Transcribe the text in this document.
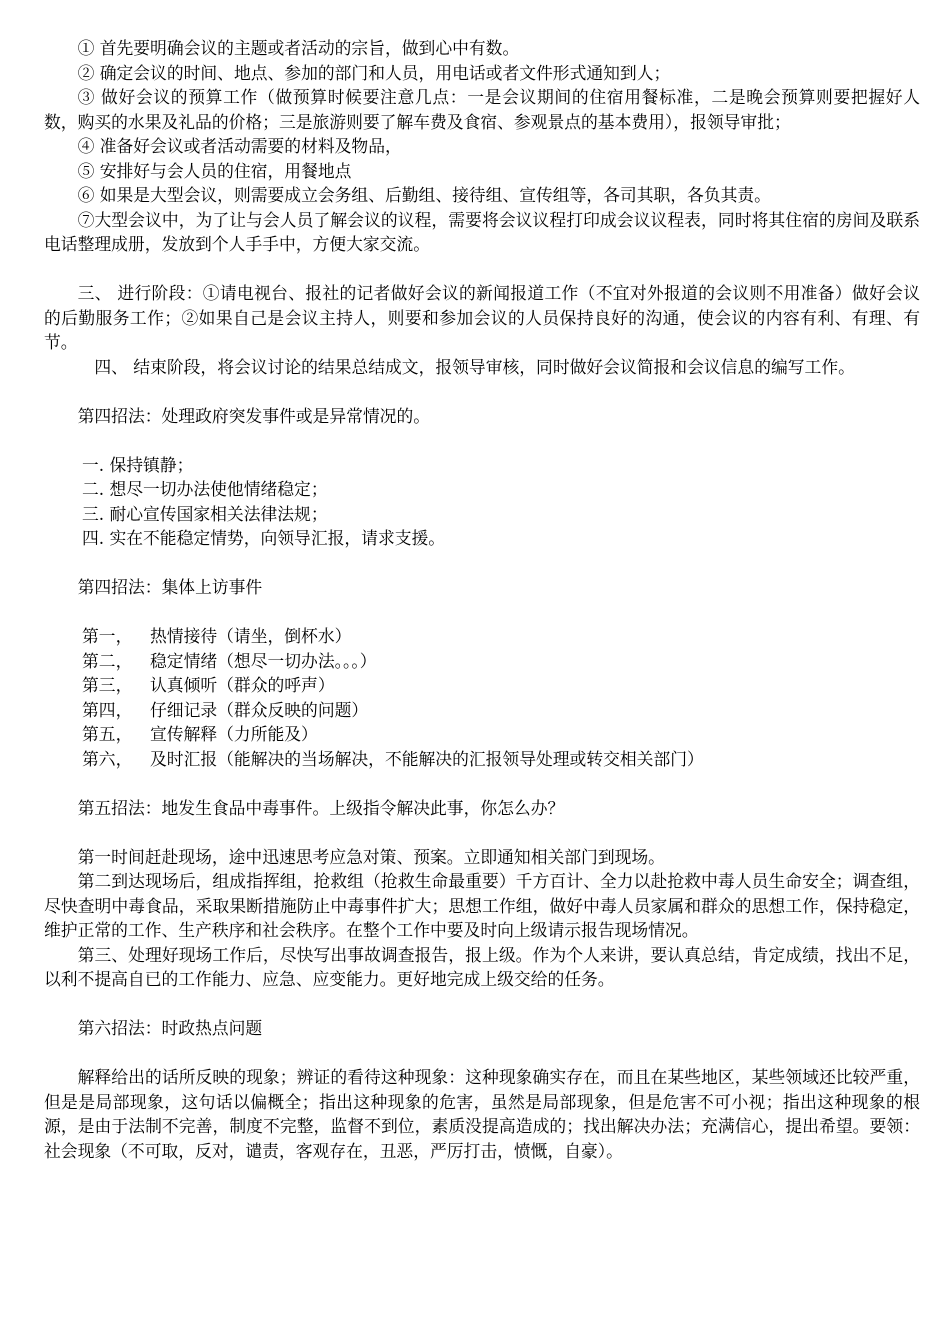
① 首先要明确会议的主题或者活动的宗旨，做到心中有数。

② 确定会议的时间、地点、参加的部门和人员，用电话或者文件形式通知到人；

③ 做好会议的预算工作（做预算时候要注意几点：一是会议期间的住宿用餐标准，二是晚会预算则要把握好人数，购买的水果及礼品的价格；三是旅游则要了解车费及食宿、参观景点的基本费用），报领导审批；

④ 准备好会议或者活动需要的材料及物品，

⑤ 安排好与会人员的住宿，用餐地点

⑥ 如果是大型会议，则需要成立会务组、后勤组、接待组、宣传组等，各司其职，各负其责。

⑦大型会议中，为了让与会人员了解会议的议程，需要将会议议程打印成会议议程表，同时将其住宿的房间及联系电话整理成册，发放到个人手手中，方便大家交流。

三、 进行阶段：①请电视台、报社的记者做好会议的新闻报道工作（不宜对外报道的会议则不用准备）做好会议的后勤服务工作；②如果自己是会议主持人，则要和参加会议的人员保持良好的沟通，使会议的内容有利、有理、有节。

四、 结束阶段，将会议讨论的结果总结成文，报领导审核，同时做好会议简报和会议信息的编写工作。

第四招法：处理政府突发事件或是异常情况的。

一. 保持镇静；
二. 想尽一切办法使他情绪稳定；
三. 耐心宣传国家相关法律法规；
四. 实在不能稳定情势，向领导汇报，请求支援。

第四招法：集体上访事件

第一，	热情接待（请坐，倒杯水）
第二，	稳定情绪（想尽一切办法。。。）
第三，	认真倾听（群众的呼声）
第四，	仔细记录（群众反映的问题）
第五，	宣传解释（力所能及）
第六，	及时汇报（能解决的当场解决，不能解决的汇报领导处理或转交相关部门）

第五招法：地发生食品中毒事件。上级指令解决此事，你怎么办？

第一时间赶赴现场，途中迅速思考应急对策、预案。立即通知相关部门到现场。

第二到达现场后，组成指挥组，抢救组（抢救生命最重要）千方百计、全力以赴抢救中毒人员生命安全；调查组，尽快查明中毒食品，采取果断措施防止中毒事件扩大；思想工作组，做好中毒人员家属和群众的思想工作，保持稳定，维护正常的工作、生产秩序和社会秩序。在整个工作中要及时向上级请示报告现场情况。

第三、处理好现场工作后，尽快写出事故调查报告，报上级。作为个人来讲，要认真总结，肯定成绩，找出不足，以利不提高自已的工作能力、应急、应变能力。更好地完成上级交给的任务。

第六招法：时政热点问题

解释给出的话所反映的现象；辨证的看待这种现象：这种现象确实存在，而且在某些地区，某些领域还比较严重，但是是局部现象，这句话以偏概全；指出这种现象的危害，虽然是局部现象，但是危害不可小视；指出这种现象的根源，是由于法制不完善，制度不完整，监督不到位，素质没提高造成的；找出解决办法；充满信心，提出希望。要领：社会现象（不可取，反对，谴责，客观存在，丑恶，严厉打击，愤慨，自豪）。
